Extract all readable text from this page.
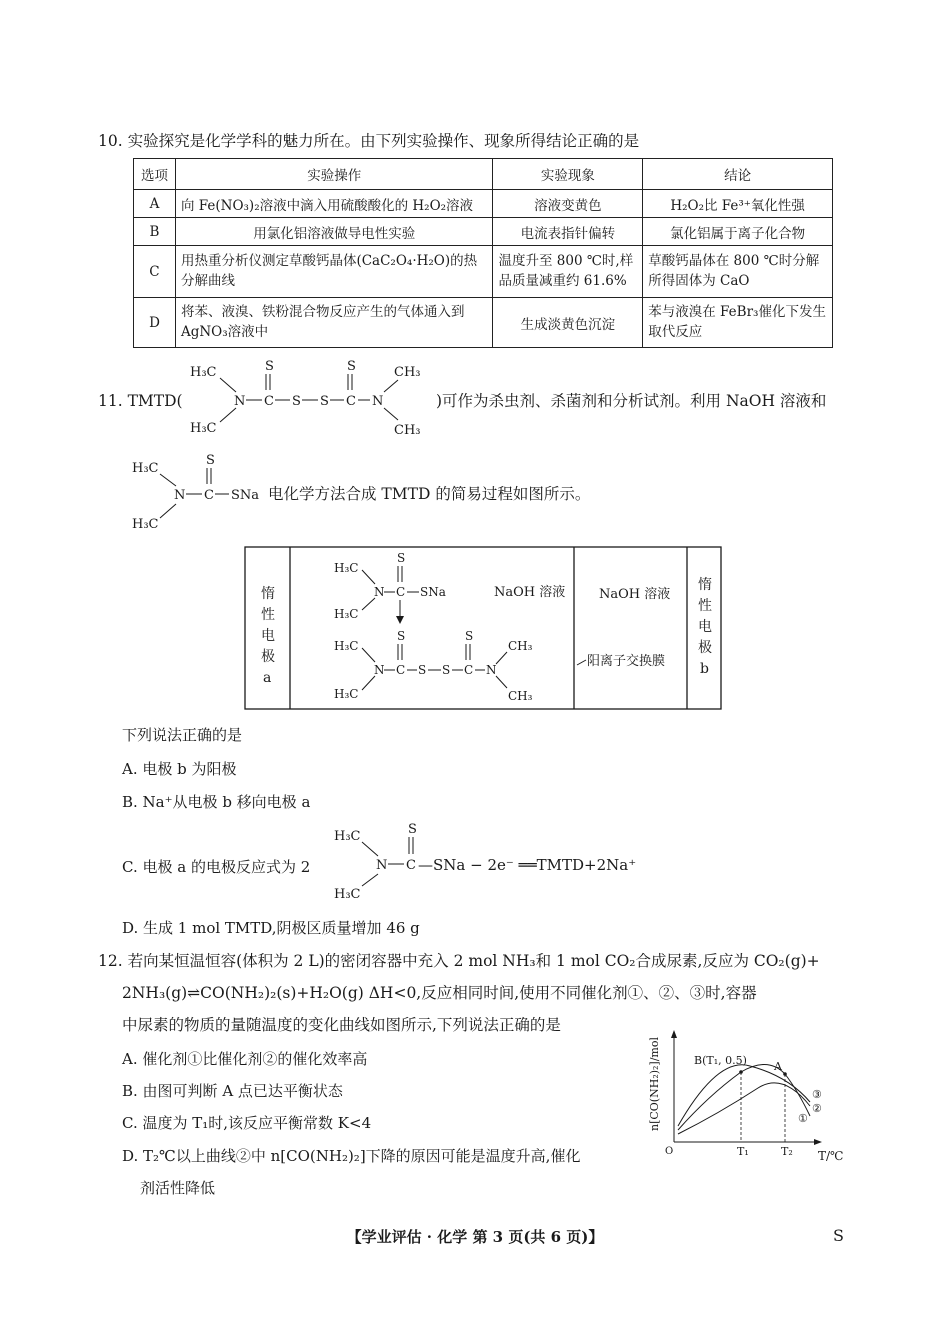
10. 实验探究是化学学科的魅力所在。由下列实验操作、现象所得结论正确的是
选项	实验操作	实验现象	结论
A	向 Fe(NO₃)₂溶液中滴入用硫酸酸化的 H₂O₂溶液	溶液变黄色	H₂O₂比 Fe³⁺氧化性强
B	用氯化铝溶液做导电性实验	电流表指针偏转	氯化铝属于离子化合物
C	用热重分析仪测定草酸钙晶体(CaC₂O₄·H₂O)的热分解曲线	温度升至 800 ℃时,样品质量减重约 61.6%	草酸钙晶体在 800 ℃时分解所得固体为 CaO
D	将苯、液溴、铁粉混合物反应产生的气体通入到 AgNO₃溶液中	生成淡黄色沉淀	苯与液溴在 FeBr₃催化下发生取代反应
11. TMTD(
H₃C
H₃C
N C
S
S S C
S
N
CH₃
CH₃
)可作为杀虫剂、杀菌剂和分析试剂。利用 NaOH 溶液和
H₃C
H₃C
N C
S
SNa 电化学方法合成 TMTD 的简易过程如图所示。
惰
性
电
极
a
惰
性
电
极
b
H₃C
H₃C
N C
S
SNa
H₃C
H₃C
N C
S
S S C
S
N
CH₃
CH₃
NaOH 溶液	NaOH 溶液
阳离子交换膜
下列说法正确的是
A. 电极 b 为阳极
B. Na⁺从电极 b 移向电极 a
C. 电极 a 的电极反应式为 2
H₃C
H₃C
N C
S
—SNa − 2e⁻ ══TMTD+2Na⁺
D. 生成 1 mol TMTD,阴极区质量增加 46 g
12. 若向某恒温恒容(体积为 2 L)的密闭容器中充入 2 mol NH₃和 1 mol CO₂合成尿素,反应为 CO₂(g)+
2NH₃(g)⇌CO(NH₂)₂(s)+H₂O(g) ΔH<0,反应相同时间,使用不同催化剂①、②、③时,容器
中尿素的物质的量随温度的变化曲线如图所示,下列说法正确的是
A. 催化剂①比催化剂②的催化效率高
B. 由图可判断 A 点已达平衡状态
C. 温度为 T₁时,该反应平衡常数 K<4
D. T₂℃以上曲线②中 n[CO(NH₂)₂]下降的原因可能是温度升高,催化
剂活性降低
n[CO(NH₂)₂]/mol
T/℃
T₁	T₂
B(T₁, 0.5) A
③
②
①
O
【学业评估 · 化学 第 3 页(共 6 页)】	S
